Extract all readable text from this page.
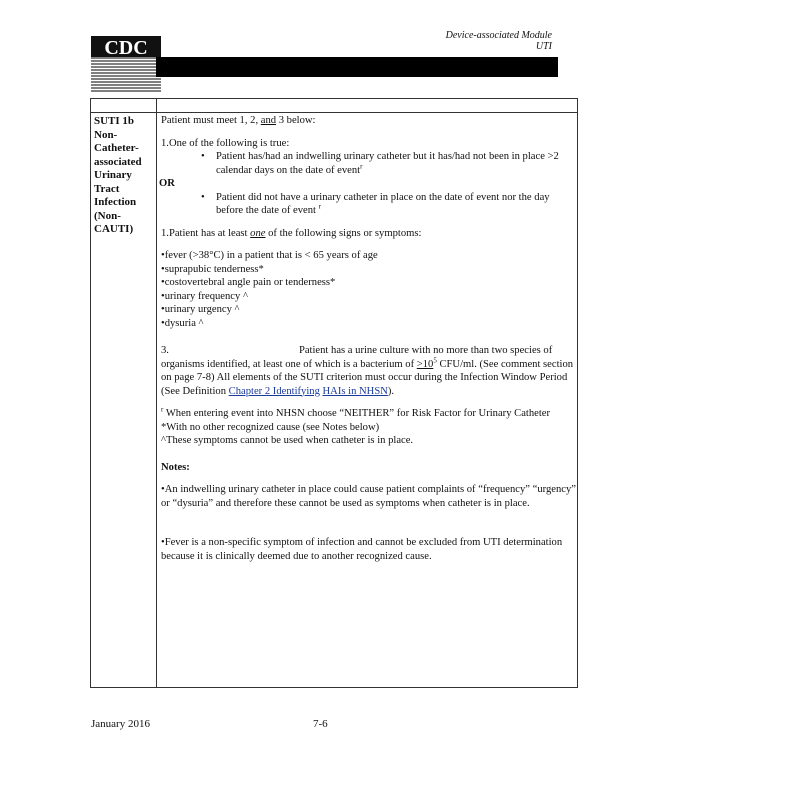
Device-associated Module
UTI
CDC
SUTI 1b Non-Catheter-associated Urinary Tract Infection (Non-CAUTI)

Patient must meet 1, 2, and 3 below:

1.One of the following is true:

• Patient has/had an indwelling urinary catheter but it has/had not been in place >2 calendar days on the date of event$^r$

OR

• Patient did not have a urinary catheter in place on the date of event nor the day before the date of event $^r$

1.Patient has at least one of the following signs or symptoms:

•fever (>38°C) in a patient that is < 65 years of age

•suprapubic tenderness*

•costovertebral angle pain or tenderness*

•urinary frequency ^

•urinary urgency ^

•dysuria ^

3.	Patient has a urine culture with no more than two species of organisms identified, at least one of which is a bacterium of $>10^5$ CFU/ml. (See comment section on page 7-8) All elements of the SUTI criterion must occur during the Infection Window Period (See Definition Chapter 2 Identifying HAIs in NHSN).

$^r$ When entering event into NHSN choose “NEITHER” for Risk Factor for Urinary Catheter

*With no other recognized cause (see Notes below)

^These symptoms cannot be used when catheter is in place.

Notes:

•An indwelling urinary catheter in place could cause patient complaints of “frequency” “urgency” or “dysuria” and therefore these cannot be used as symptoms when catheter is in place.

•Fever is a non-specific symptom of infection and cannot be excluded from UTI determination because it is clinically deemed due to another recognized cause.

January 2016	7-6
